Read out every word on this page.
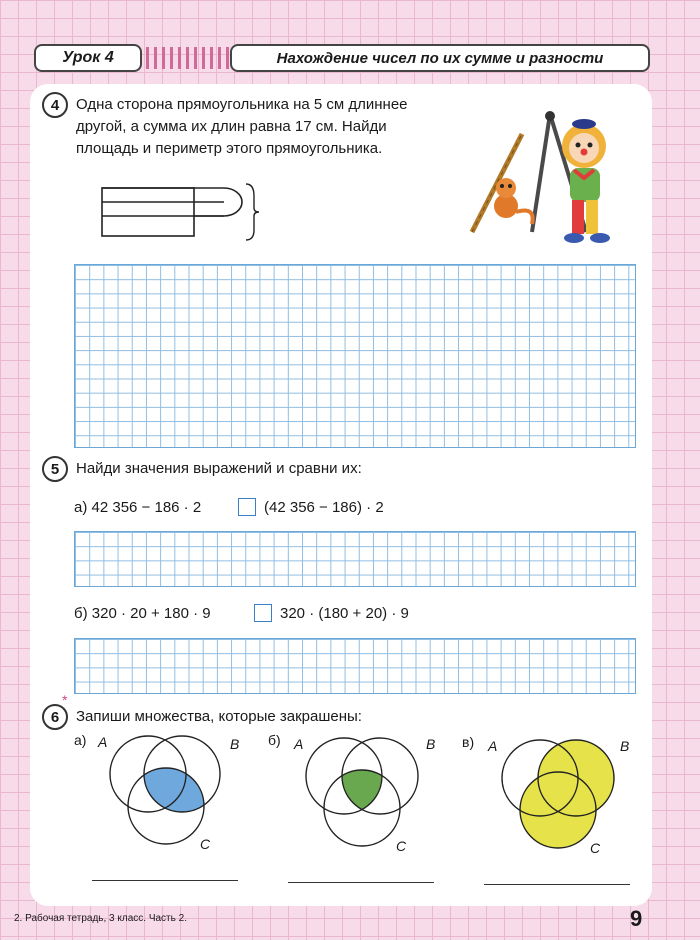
Урок 4	Нахождение чисел по их сумме и разности
4	Одна сторона прямоугольника на 5 см длиннее
другой, а сумма их длин равна 17 см. Найди
площадь и периметр этого прямоугольника.
5	Найди значения выражений и сравни их:
а) 42 356 − 186 · 2	(42 356 − 186) · 2
б) 320 · 20 + 180 · 9	320 · (180 + 20) · 9
6
*
Запиши множества, которые закрашены:
а) A	B
C
б) A	B
C
в) A	B
C
2. Рабочая тетрадь, 3 класс. Часть 2.	9
